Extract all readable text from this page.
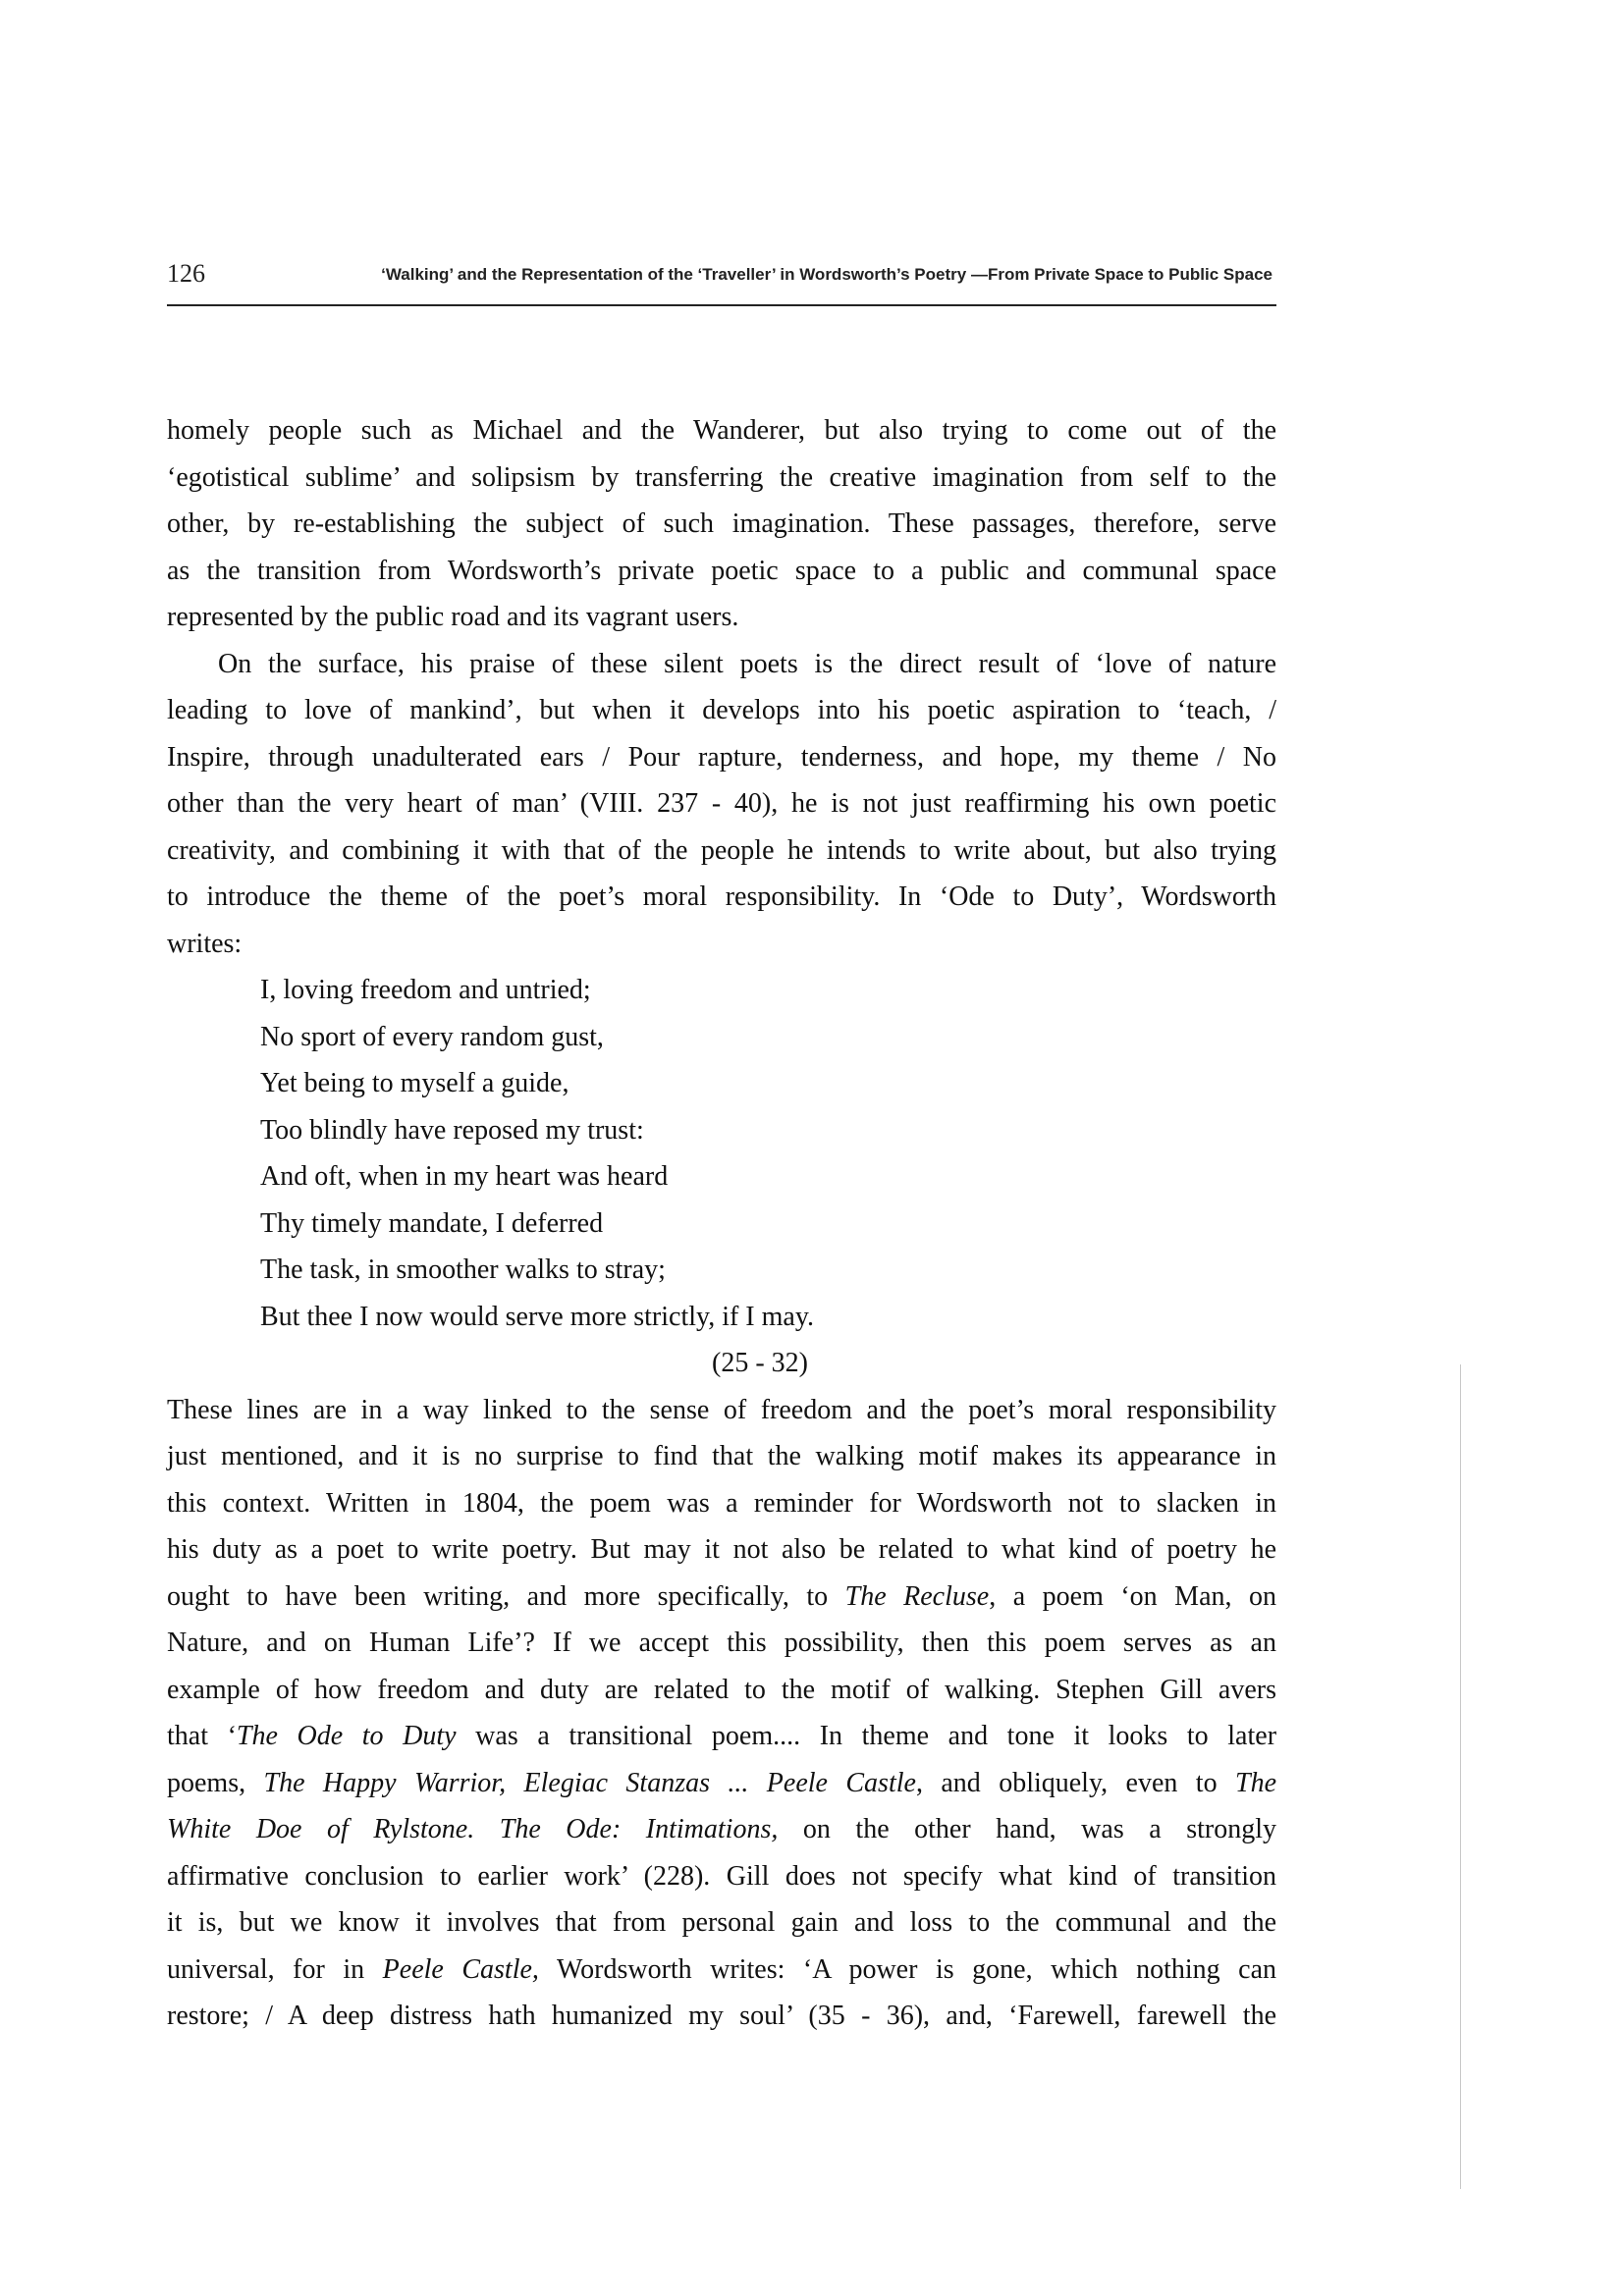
126	‘Walking’ and the Representation of the ‘Traveller’ in Wordsworth’s Poetry —From Private Space to Public Space
homely people such as Michael and the Wanderer, but also trying to come out of the
‘egotistical sublime’ and solipsism by transferring the creative imagination from self to the
other, by re-establishing the subject of such imagination. These passages, therefore, serve
as the transition from Wordsworth’s private poetic space to a public and communal space
represented by the public road and its vagrant users.
On the surface, his praise of these silent poets is the direct result of ‘love of nature
leading to love of mankind’, but when it develops into his poetic aspiration to ‘teach, /
Inspire, through unadulterated ears / Pour rapture, tenderness, and hope, my theme / No
other than the very heart of man’ (VIII. 237 - 40), he is not just reaffirming his own poetic
creativity, and combining it with that of the people he intends to write about, but also trying
to introduce the theme of the poet’s moral responsibility. In ‘Ode to Duty’, Wordsworth
writes:
I, loving freedom and untried;
No sport of every random gust,
Yet being to myself a guide,
Too blindly have reposed my trust:
And oft, when in my heart was heard
Thy timely mandate, I deferred
The task, in smoother walks to stray;
But thee I now would serve more strictly, if I may.
(25 - 32)
These lines are in a way linked to the sense of freedom and the poet’s moral responsibility
just mentioned, and it is no surprise to find that the walking motif makes its appearance in
this context. Written in 1804, the poem was a reminder for Wordsworth not to slacken in
his duty as a poet to write poetry. But may it not also be related to what kind of poetry he
ought to have been writing, and more specifically, to The Recluse, a poem ‘on Man, on
Nature, and on Human Life’? If we accept this possibility, then this poem serves as an
example of how freedom and duty are related to the motif of walking. Stephen Gill avers
that ‘The Ode to Duty was a transitional poem.... In theme and tone it looks to later
poems, The Happy Warrior, Elegiac Stanzas ... Peele Castle, and obliquely, even to The
White Doe of Rylstone. The Ode: Intimations, on the other hand, was a strongly
affirmative conclusion to earlier work’ (228). Gill does not specify what kind of transition
it is, but we know it involves that from personal gain and loss to the communal and the
universal, for in Peele Castle, Wordsworth writes: ‘A power is gone, which nothing can
restore; / A deep distress hath humanized my soul’ (35 - 36), and, ‘Farewell, farewell the
